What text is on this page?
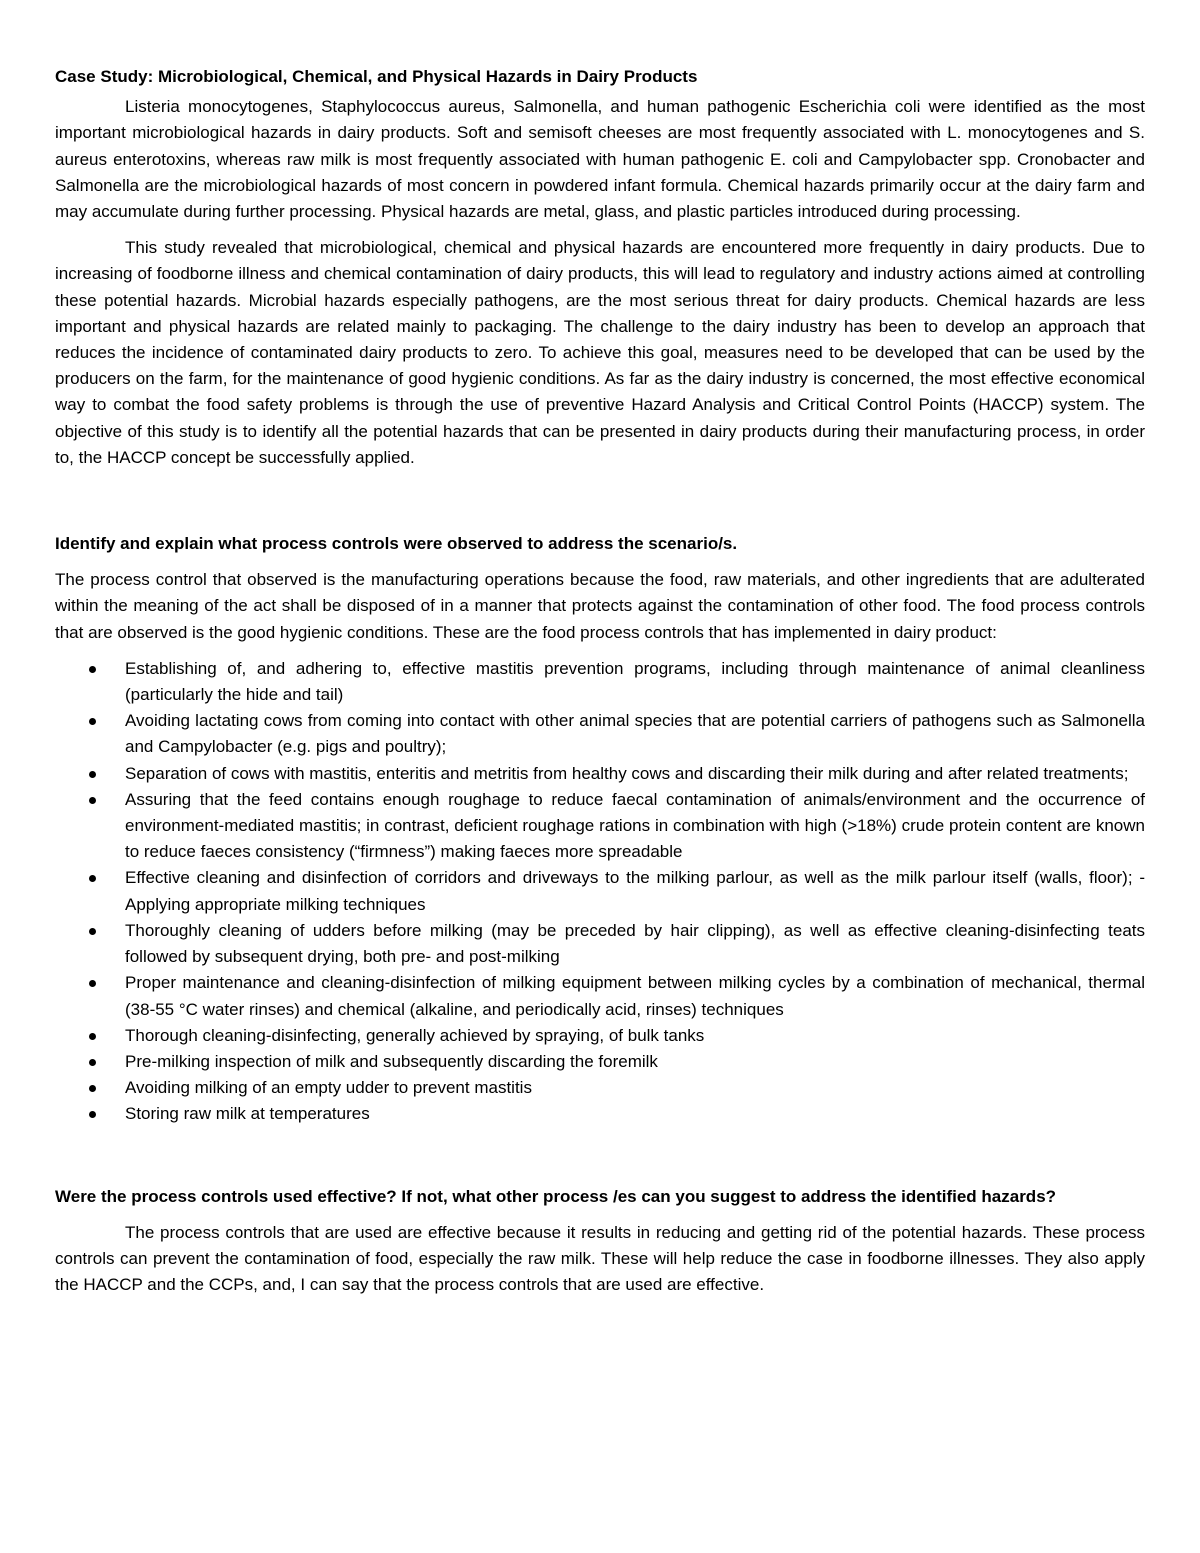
Case Study: Microbiological, Chemical, and Physical Hazards in Dairy Products

Listeria monocytogenes, Staphylococcus aureus, Salmonella, and human pathogenic Escherichia coli were identified as the most important microbiological hazards in dairy products. Soft and semisoft cheeses are most frequently associated with L. monocytogenes and S. aureus enterotoxins, whereas raw milk is most frequently associated with human pathogenic E. coli and Campylobacter spp. Cronobacter and Salmonella are the microbiological hazards of most concern in powdered infant formula. Chemical hazards primarily occur at the dairy farm and may accumulate during further processing. Physical hazards are metal, glass, and plastic particles introduced during processing.

This study revealed that microbiological, chemical and physical hazards are encountered more frequently in dairy products. Due to increasing of foodborne illness and chemical contamination of dairy products, this will lead to regulatory and industry actions aimed at controlling these potential hazards. Microbial hazards especially pathogens, are the most serious threat for dairy products. Chemical hazards are less important and physical hazards are related mainly to packaging. The challenge to the dairy industry has been to develop an approach that reduces the incidence of contaminated dairy products to zero. To achieve this goal, measures need to be developed that can be used by the producers on the farm, for the maintenance of good hygienic conditions. As far as the dairy industry is concerned, the most effective economical way to combat the food safety problems is through the use of preventive Hazard Analysis and Critical Control Points (HACCP) system. The objective of this study is to identify all the potential hazards that can be presented in dairy products during their manufacturing process, in order to, the HACCP concept be successfully applied.

Identify and explain what process controls were observed to address the scenario/s.

The process control that observed is the manufacturing operations because the food, raw materials, and other ingredients that are adulterated within the meaning of the act shall be disposed of in a manner that protects against the contamination of other food. The food process controls that are observed is the good hygienic conditions. These are the food process controls that has implemented in dairy product:

Establishing of, and adhering to, effective mastitis prevention programs, including through maintenance of animal cleanliness (particularly the hide and tail)
Avoiding lactating cows from coming into contact with other animal species that are potential carriers of pathogens such as Salmonella and Campylobacter (e.g. pigs and poultry);
Separation of cows with mastitis, enteritis and metritis from healthy cows and discarding their milk during and after related treatments;
Assuring that the feed contains enough roughage to reduce faecal contamination of animals/environment and the occurrence of environment-mediated mastitis; in contrast, deficient roughage rations in combination with high (>18%) crude protein content are known to reduce faeces consistency (“firmness”) making faeces more spreadable
Effective cleaning and disinfection of corridors and driveways to the milking parlour, as well as the milk parlour itself (walls, floor); - Applying appropriate milking techniques
Thoroughly cleaning of udders before milking (may be preceded by hair clipping), as well as effective cleaning-disinfecting teats followed by subsequent drying, both pre- and post-milking
Proper maintenance and cleaning-disinfection of milking equipment between milking cycles by a combination of mechanical, thermal (38-55 °C water rinses) and chemical (alkaline, and periodically acid, rinses) techniques
Thorough cleaning-disinfecting, generally achieved by spraying, of bulk tanks
Pre-milking inspection of milk and subsequently discarding the foremilk
Avoiding milking of an empty udder to prevent mastitis
Storing raw milk at temperatures

Were the process controls used effective? If not, what other process /es can you suggest to address the identified hazards?

The process controls that are used are effective because it results in reducing and getting rid of the potential hazards. These process controls can prevent the contamination of food, especially the raw milk. These will help reduce the case in foodborne illnesses. They also apply the HACCP and the CCPs, and, I can say that the process controls that are used are effective.
